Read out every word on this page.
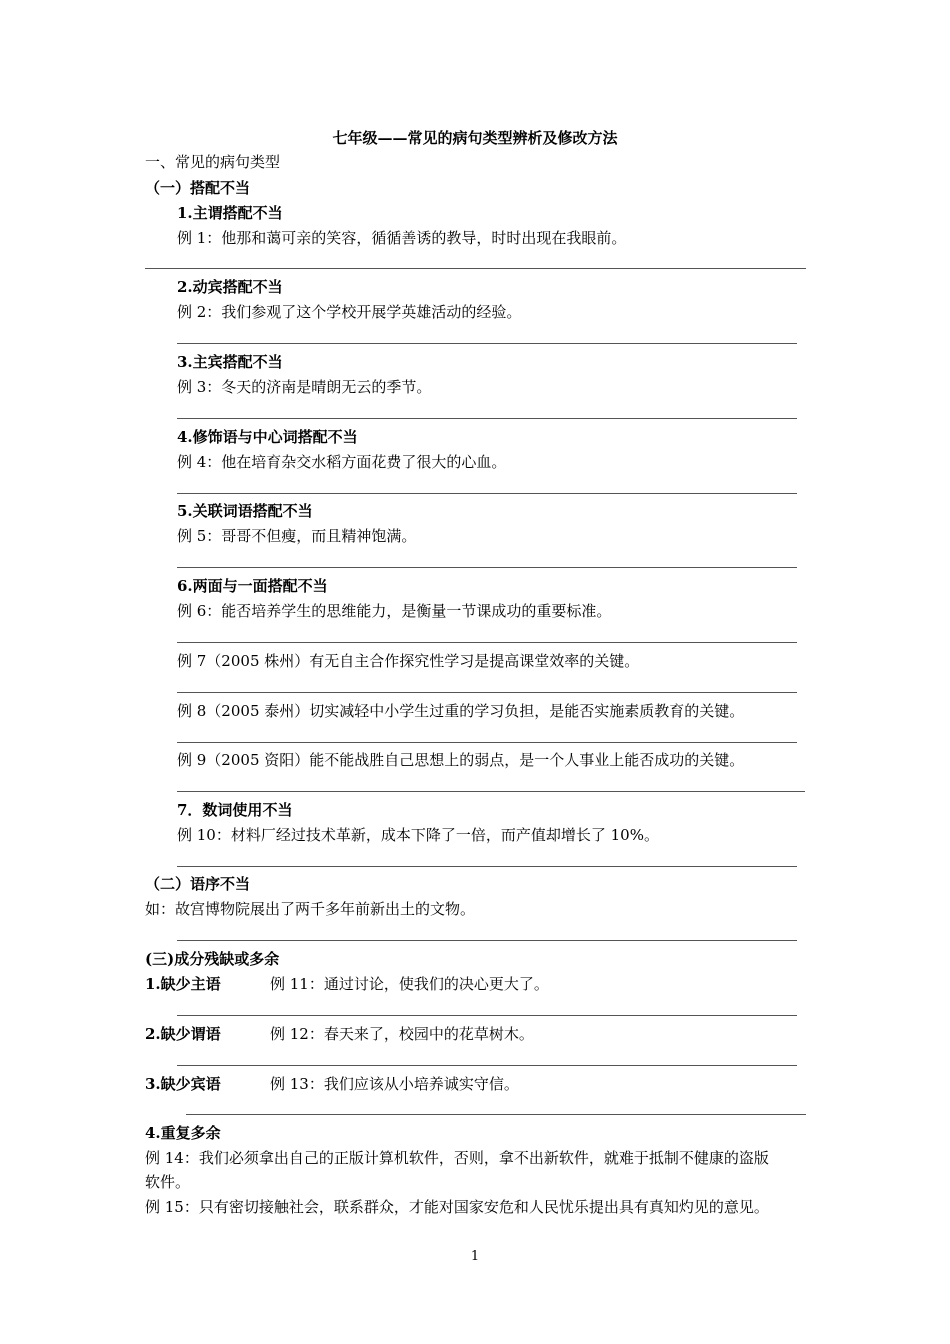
七年级——常见的病句类型辨析及修改方法
一、常见的病句类型
（一）搭配不当
1.主谓搭配不当
例 1：他那和蔼可亲的笑容，循循善诱的教导，时时出现在我眼前。
2.动宾搭配不当
例 2：我们参观了这个学校开展学英雄活动的经验。
3.主宾搭配不当
例 3：冬天的济南是晴朗无云的季节。
4.修饰语与中心词搭配不当
例 4：他在培育杂交水稻方面花费了很大的心血。
5.关联词语搭配不当
例 5：哥哥不但瘦，而且精神饱满。
6.两面与一面搭配不当
例 6：能否培养学生的思维能力，是衡量一节课成功的重要标准。
例 7（2005 株州）有无自主合作探究性学习是提高课堂效率的关键。
例 8（2005 泰州）切实减轻中小学生过重的学习负担，是能否实施素质教育的关键。
例 9（2005 资阳）能不能战胜自己思想上的弱点，是一个人事业上能否成功的关键。
7．数词使用不当
例 10：材料厂经过技术革新，成本下降了一倍，而产值却增长了 10%。
（二）语序不当
如：故宫博物院展出了两千多年前新出土的文物。
(三)成分残缺或多余
1.缺少主语	例 11：通过讨论，使我们的决心更大了。
2.缺少谓语	例 12：春天来了，校园中的花草树木。
3.缺少宾语	例 13：我们应该从小培养诚实守信。
4.重复多余
例 14：我们必须拿出自己的正版计算机软件，否则，拿不出新软件，就难于抵制不健康的盗版
软件。
例 15：只有密切接触社会，联系群众，才能对国家安危和人民忧乐提出具有真知灼见的意见。
1
